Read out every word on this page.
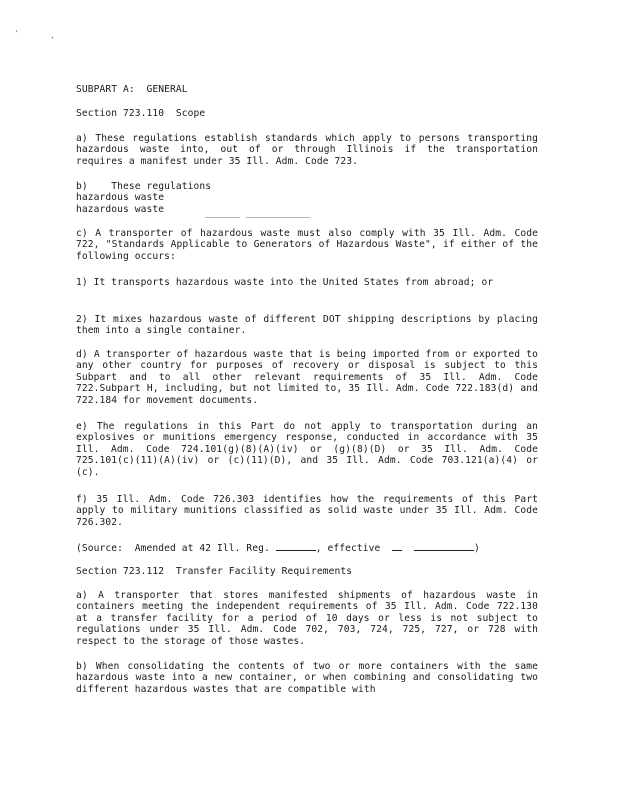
'	,
SUBPART A:  GENERAL
Section 723.110  Scope
a) These regulations establish standards which apply to persons transporting hazardous waste into, out of or through Illinois if the transportation requires a manifest under 35 Ill. Adm. Code 723.
b)    These regulations
hazardous waste
hazardous waste	______ ___________
c) A transporter of hazardous waste must also comply with 35 Ill. Adm. Code 722, "Standards Applicable to Generators of Hazardous Waste", if either of the following occurs:
1) It transports hazardous waste into the United States from abroad; or
2) It mixes hazardous waste of different DOT shipping descriptions by placing them into a single container.
d) A transporter of hazardous waste that is being imported from or exported to any other country for purposes of recovery or disposal is subject to this Subpart and to all other relevant requirements of 35 Ill. Adm. Code 722.Subpart H, including, but not limited to, 35 Ill. Adm. Code 722.183(d) and 722.184 for movement documents.
e) The regulations in this Part do not apply to transportation during an explosives or munitions emergency response, conducted in accordance with 35 Ill. Adm. Code 724.101(g)(8)(A)(iv) or (g)(8)(D) or 35 Ill. Adm. Code 725.101(c)(11)(A)(iv) or (c)(11)(D), and 35 Ill. Adm. Code 703.121(a)(4) or (c).
f) 35 Ill. Adm. Code 726.303 identifies how the requirements of this Part apply to military munitions classified as solid waste under 35 Ill. Adm. Code 726.302.
(Source:  Amended at 42 Ill. Reg.	, effective	)
Section 723.112  Transfer Facility Requirements
a) A transporter that stores manifested shipments of hazardous waste in containers meeting the independent requirements of 35 Ill. Adm. Code 722.130 at a transfer facility for a period of 10 days or less is not subject to regulations under 35 Ill. Adm. Code 702, 703, 724, 725, 727, or 728 with respect to the storage of those wastes.
b) When consolidating the contents of two or more containers with the same hazardous waste into a new container, or when combining and consolidating two different hazardous wastes that are compatible with
